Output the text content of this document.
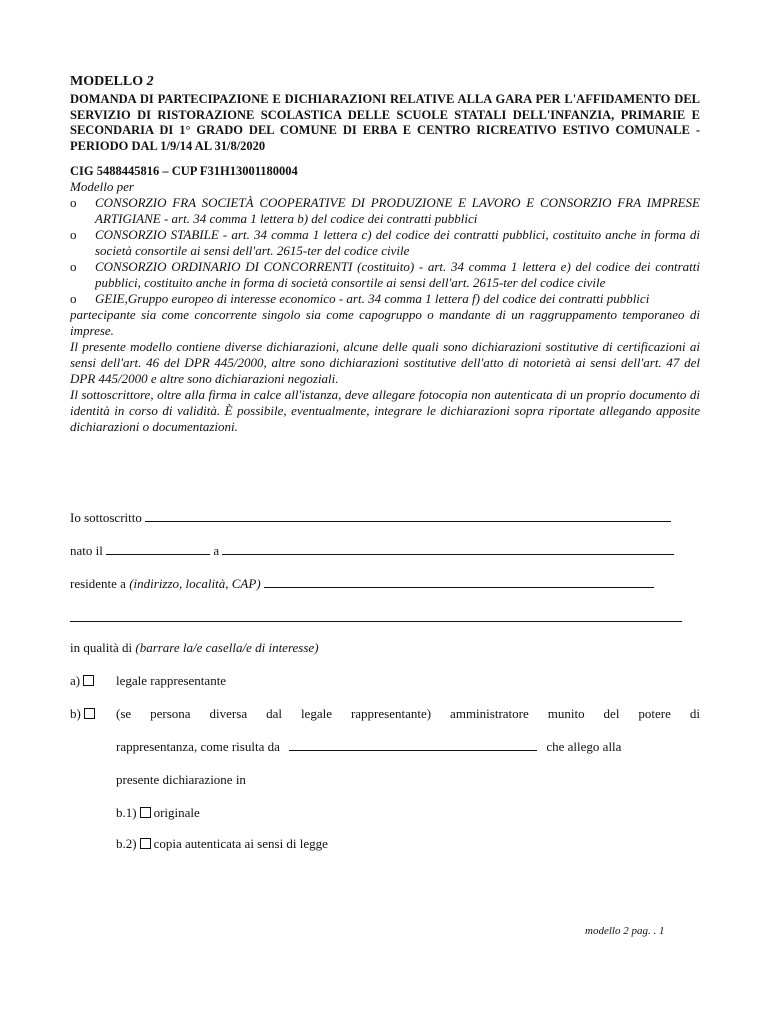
MODELLO 2
DOMANDA DI PARTECIPAZIONE E DICHIARAZIONI RELATIVE ALLA GARA PER L'AFFIDAMENTO DEL SERVIZIO DI RISTORAZIONE SCOLASTICA DELLE SCUOLE STATALI DELL'INFANZIA, PRIMARIE E SECONDARIA DI 1° GRADO DEL COMUNE DI ERBA E CENTRO RICREATIVO ESTIVO COMUNALE - PERIODO DAL 1/9/14 AL 31/8/2020
CIG 5488445816 – CUP F31H13001180004
Modello per
o CONSORZIO FRA SOCIETÀ COOPERATIVE DI PRODUZIONE E LAVORO E CONSORZIO FRA IMPRESE ARTIGIANE - art. 34 comma 1 lettera b) del codice dei contratti pubblici
o CONSORZIO STABILE - art. 34 comma 1 lettera c) del codice dei contratti pubblici, costituito anche in forma di società consortile ai sensi dell'art. 2615-ter del codice civile
o CONSORZIO ORDINARIO DI CONCORRENTI (costituito) - art. 34 comma 1 lettera e) del codice dei contratti pubblici, costituito anche in forma di società consortile ai sensi dell'art. 2615-ter del codice civile
o GEIE,Gruppo europeo di interesse economico - art. 34 comma 1 lettera f) del codice dei contratti pubblici
partecipante sia come concorrente singolo sia come capogruppo o mandante di un raggruppamento temporaneo di imprese.
Il presente modello contiene diverse dichiarazioni, alcune delle quali sono dichiarazioni sostitutive di certificazioni ai sensi dell'art. 46 del DPR 445/2000, altre sono dichiarazioni sostitutive dell'atto di notorietà ai sensi dell'art. 47 del DPR 445/2000 e altre sono dichiarazioni negoziali.
Il sottoscrittore, oltre alla firma in calce all'istanza, deve allegare fotocopia non autenticata di un proprio documento di identità in corso di validità. È possibile, eventualmente, integrare le dichiarazioni sopra riportate allegando apposite dichiarazioni o documentazioni.
Io sottoscritto
nato il	a
residente a (indirizzo, località, CAP)
in qualità di (barrare la/e casella/e di interesse)
a)	legale rappresentante
b)	(se persona diversa dal legale rappresentante) amministratore munito del potere di
rappresentanza, come risulta da	che allego alla
presente dichiarazione in
b.1) originale
b.2) copia autenticata ai sensi di legge
modello 2 pag. . 1
